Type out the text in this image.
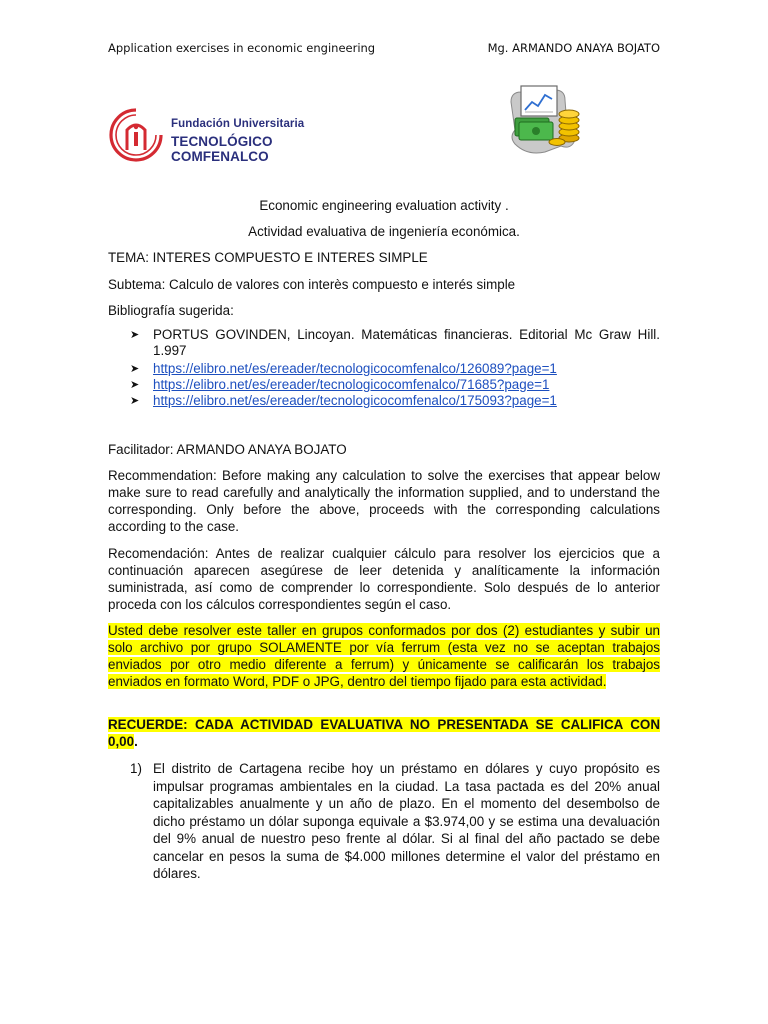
Application exercises in economic engineering	Mg. ARMANDO ANAYA BOJATO
Fundación Universitaria
TECNOLÓGICO COMFENALCO
Economic engineering evaluation activity .
Actividad evaluativa de ingeniería económica.
TEMA: INTERES COMPUESTO E INTERES SIMPLE
Subtema: Calculo de valores con interès compuesto e interés simple
Bibliografía sugerida:
➤ PORTUS GOVINDEN, Lincoyan. Matemáticas financieras. Editorial Mc Graw Hill. 1.997
➤ https://elibro.net/es/ereader/tecnologicocomfenalco/126089?page=1
➤ https://elibro.net/es/ereader/tecnologicocomfenalco/71685?page=1
➤ https://elibro.net/es/ereader/tecnologicocomfenalco/175093?page=1
Facilitador: ARMANDO ANAYA BOJATO
Recommendation: Before making any calculation to solve the exercises that appear below make sure to read carefully and analytically the information supplied, and to understand the corresponding. Only before the above, proceeds with the corresponding calculations according to the case.
Recomendación: Antes de realizar cualquier cálculo para resolver los ejercicios que a continuación aparecen asegúrese de leer detenida y analíticamente la información suministrada, así como de comprender lo correspondiente. Solo después de lo anterior proceda con los cálculos correspondientes según el caso.
Usted debe resolver este taller en grupos conformados por dos (2) estudiantes y subir un solo archivo por grupo SOLAMENTE por vía ferrum (esta vez no se aceptan trabajos enviados por otro medio diferente a ferrum) y únicamente se calificarán los trabajos enviados en formato Word, PDF o JPG, dentro del tiempo fijado para esta actividad.
RECUERDE: CADA ACTIVIDAD EVALUATIVA NO PRESENTADA SE CALIFICA CON 0,00.
1) El distrito de Cartagena recibe hoy un préstamo en dólares y cuyo propósito es impulsar programas ambientales en la ciudad. La tasa pactada es del 20% anual capitalizables anualmente y un año de plazo. En el momento del desembolso de dicho préstamo un dólar suponga equivale a $3.974,00 y se estima una devaluación del 9% anual de nuestro peso frente al dólar. Si al final del año pactado se debe cancelar en pesos la suma de $4.000 millones determine el valor del préstamo en dólares.
